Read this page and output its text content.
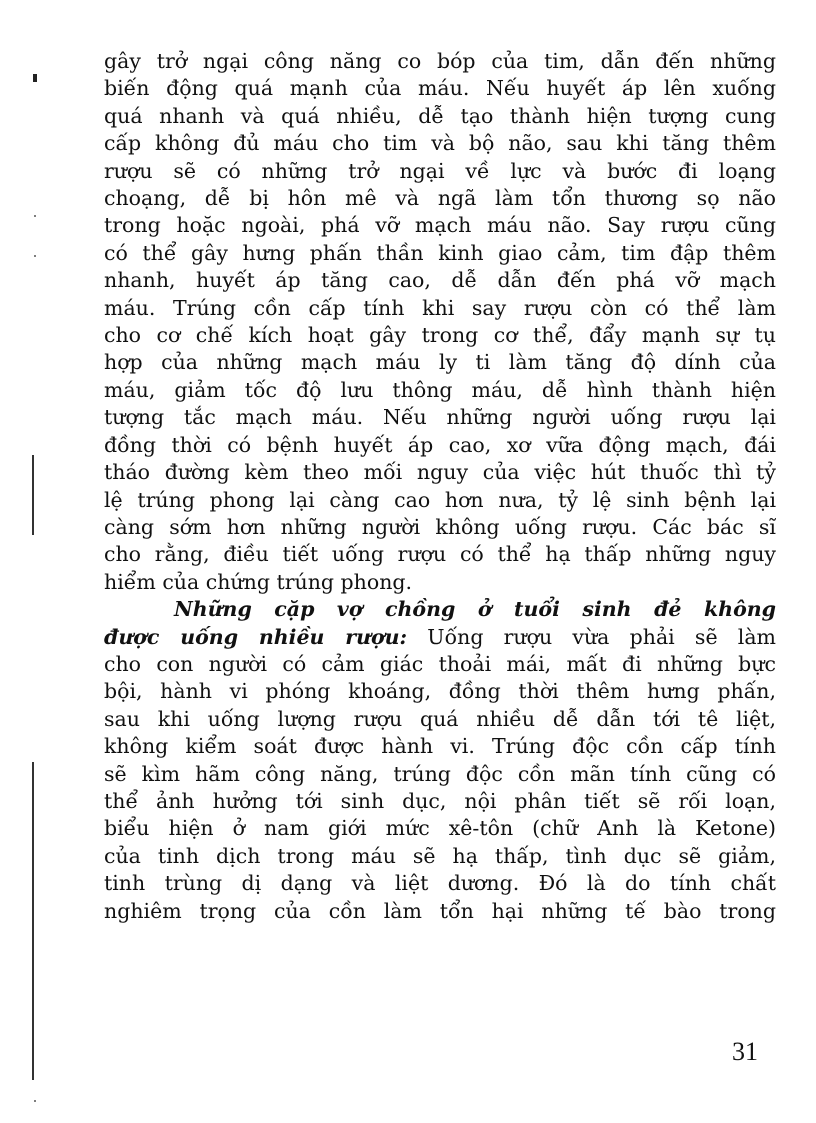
gây trở ngại công năng co bóp của tim, dẫn đến những
biến động quá mạnh của máu. Nếu huyết áp lên xuống
quá nhanh và quá nhiều, dễ tạo thành hiện tượng cung
cấp không đủ máu cho tim và bộ não, sau khi tăng thêm
rượu sẽ có những trở ngại về lực và bước đi loạng
choạng, dễ bị hôn mê và ngã làm tổn thương sọ não
trong hoặc ngoài, phá vỡ mạch máu não. Say rượu cũng
có thể gây hưng phấn thần kinh giao cảm, tim đập thêm
nhanh, huyết áp tăng cao, dễ dẫn đến phá vỡ mạch
máu. Trúng cồn cấp tính khi say rượu còn có thể làm
cho cơ chế kích hoạt gây trong cơ thể, đẩy mạnh sự tụ
hợp của những mạch máu ly ti làm tăng độ dính của
máu, giảm tốc độ lưu thông máu, dễ hình thành hiện
tượng tắc mạch máu. Nếu những người uống rượu lại
đồng thời có bệnh huyết áp cao, xơ vữa động mạch, đái
tháo đường kèm theo mối nguy của việc hút thuốc thì tỷ
lệ trúng phong lại càng cao hơn nưa, tỷ lệ sinh bệnh lại
càng sớm hơn những người không uống rượu. Các bác sĩ
cho rằng, điều tiết uống rượu có thể hạ thấp những nguy
hiểm của chứng trúng phong.
Những cặp vợ chồng ở tuổi sinh đẻ không
được uống nhiều rượu: Uống rượu vừa phải sẽ làm
cho con người có cảm giác thoải mái, mất đi những bực
bội, hành vi phóng khoáng, đồng thời thêm hưng phấn,
sau khi uống lượng rượu quá nhiều dễ dẫn tới tê liệt,
không kiểm soát được hành vi. Trúng độc cồn cấp tính
sẽ kìm hãm công năng, trúng độc cồn mãn tính cũng có
thể ảnh hưởng tới sinh dục, nội phân tiết sẽ rối loạn,
biểu hiện ở nam giới mức xê-tôn (chữ Anh là Ketone)
của tinh dịch trong máu sẽ hạ thấp, tình dục sẽ giảm,
tinh trùng dị dạng và liệt dương. Đó là do tính chất
nghiêm trọng của cồn làm tổn hại những tế bào trong
31
